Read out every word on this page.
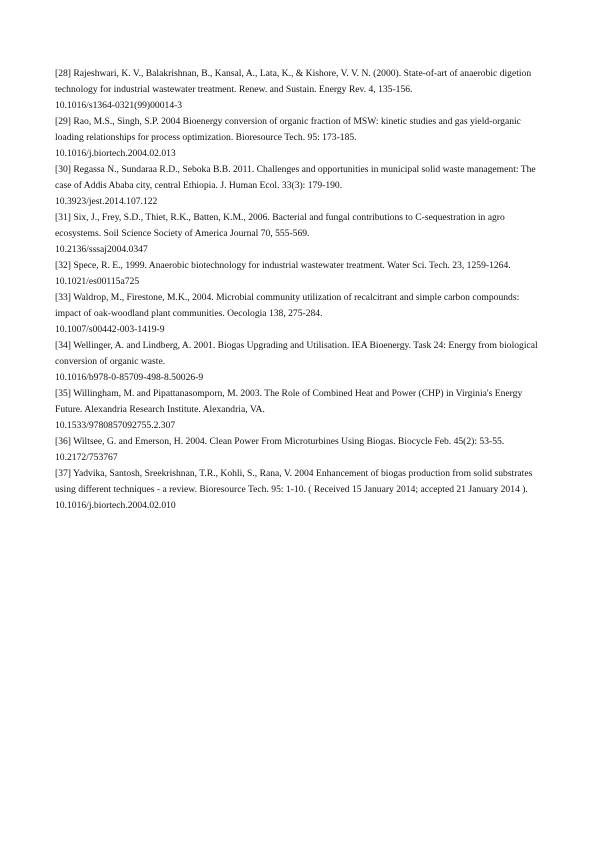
[28] Rajeshwari, K. V., Balakrishnan, B., Kansal, A., Lata, K., & Kishore, V. V. N. (2000). State-of-art of anaerobic digetion technology for industrial wastewater treatment. Renew. and Sustain. Energy Rev. 4, 135-156.
10.1016/s1364-0321(99)00014-3
[29] Rao, M.S., Singh, S.P. 2004 Bioenergy conversion of organic fraction of MSW: kinetic studies and gas yield-organic loading relationships for process optimization. Bioresource Tech. 95: 173-185.
10.1016/j.biortech.2004.02.013
[30] Regassa N., Sundaraa R.D., Seboka B.B. 2011. Challenges and opportunities in municipal solid waste management: The case of Addis Ababa city, central Ethiopia. J. Human Ecol. 33(3): 179-190.
10.3923/jest.2014.107.122
[31] Six, J., Frey, S.D., Thiet, R.K., Batten, K.M., 2006. Bacterial and fungal contributions to C-sequestration in agro ecosystems. Soil Science Society of America Journal 70, 555-569.
10.2136/sssaj2004.0347
[32] Spece, R. E., 1999. Anaerobic biotechnology for industrial wastewater treatment. Water Sci. Tech. 23, 1259-1264.
10.1021/es00115a725
[33] Waldrop, M., Firestone, M.K., 2004. Microbial community utilization of recalcitrant and simple carbon compounds: impact of oak-woodland plant communities. Oecologia 138, 275-284.
10.1007/s00442-003-1419-9
[34] Wellinger, A. and Lindberg, A. 2001. Biogas Upgrading and Utilisation. IEA Bioenergy. Task 24: Energy from biological conversion of organic waste.
10.1016/b978-0-85709-498-8.50026-9
[35] Willingham, M. and Pipattanasomporn, M. 2003. The Role of Combined Heat and Power (CHP) in Virginia's Energy Future. Alexandria Research Institute. Alexandria, VA.
10.1533/9780857092755.2.307
[36] Wiltsee, G. and Emerson, H. 2004. Clean Power From Microturbines Using Biogas. Biocycle Feb. 45(2): 53-55.
10.2172/753767
[37] Yadvika, Santosh, Sreekrishnan, T.R., Kohli, S., Rana, V. 2004 Enhancement of biogas production from solid substrates using different techniques - a review. Bioresource Tech. 95: 1-10. ( Received 15 January 2014; accepted 21 January 2014 ).
10.1016/j.biortech.2004.02.010
